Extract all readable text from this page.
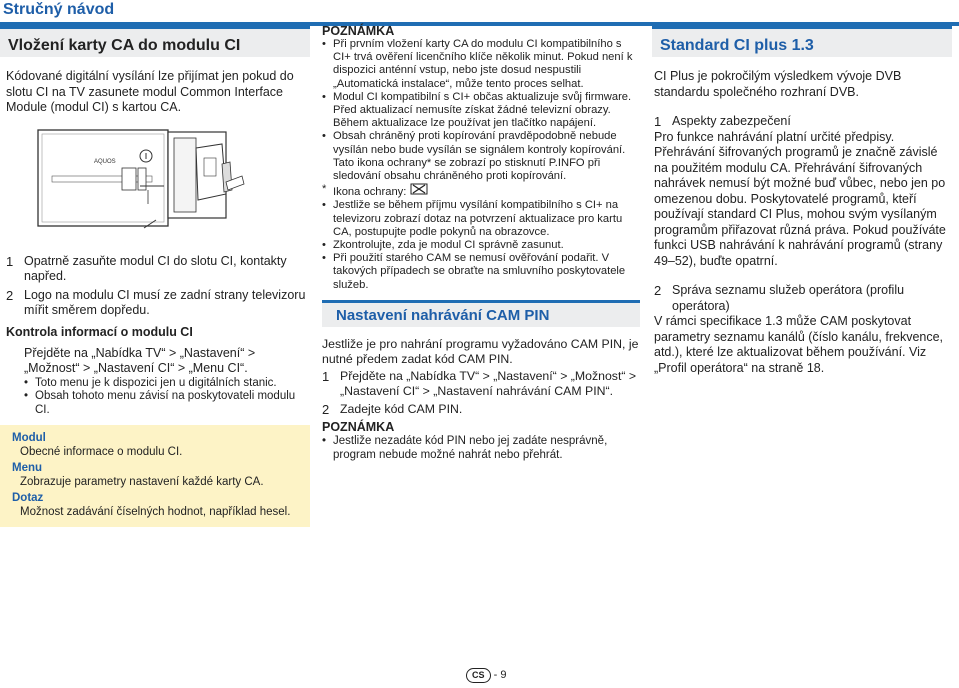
Stručný návod
Vložení karty CA do modulu CI

Kódované digitální vysílání lze přijímat jen pokud do slotu CI na TV zasunete modul Common Interface Module (modul CI) s kartou CA.

AQUOS
1 Opatrně zasuňte modul CI do slotu CI, kontakty napřed.
2 Logo na modulu CI musí ze zadní strany televizoru mířit směrem dopředu.
Kontrola informací o modulu CI
Přejděte na „Nabídka TV“ > „Nastavení“ > „Možnost“ > „Nastavení CI“ > „Menu CI“.
• Toto menu je k dispozici jen u digitálních stanic.
• Obsah tohoto menu závisí na poskytovateli modulu CI.
Modul
Obecné informace o modulu CI.
Menu
Zobrazuje parametry nastavení každé karty CA.
Dotaz
Možnost zadávání číselných hodnot, například hesel.
POZNÁMKA
• Při prvním vložení karty CA do modulu CI kompatibilního s CI+ trvá ověření licenčního klíče několik minut. Pokud není k dispozici anténní vstup, nebo jste dosud nespustili „Automatická instalace“, může tento proces selhat.
• Modul CI kompatibilní s CI+ občas aktualizuje svůj firmware. Před aktualizací nemusíte získat žádné televizní obrazy. Během aktualizace lze používat jen tlačítko napájení.
• Obsah chráněný proti kopírování pravděpodobně nebude vysílán nebo bude vysílán se signálem kontroly kopírování. Tato ikona ochrany* se zobrazí po stisknutí P.INFO při sledování obsahu chráněného proti kopírování.
* Ikona ochrany:
• Jestliže se během příjmu vysílání kompatibilního s CI+ na televizoru zobrazí dotaz na potvrzení aktualizace pro kartu CA, postupujte podle pokynů na obrazovce.
• Zkontrolujte, zda je modul CI správně zasunut.
• Při použití starého CAM se nemusí ověřování podařit. V takových případech se obraťte na smluvního poskytovatele služeb.
Nastavení nahrávání CAM PIN
Jestliže je pro nahrání programu vyžadováno CAM PIN, je nutné předem zadat kód CAM PIN.
1 Přejděte na „Nabídka TV“ > „Nastavení“ > „Možnost“ > „Nastavení CI“ > „Nastavení nahrávání CAM PIN“.
2 Zadejte kód CAM PIN.
POZNÁMKA
• Jestliže nezadáte kód PIN nebo jej zadáte nesprávně, program nebude možné nahrát nebo přehrát.
Standard CI plus 1.3
CI Plus je pokročilým výsledkem vývoje DVB standardu společného rozhraní DVB.
1 Aspekty zabezpečení
Pro funkce nahrávání platní určité předpisy. Přehrávání šifrovaných programů je značně závislé na použitém modulu CA. Přehrávání šifrovaných nahrávek nemusí být možné buď vůbec, nebo jen po omezenou dobu. Poskytovatelé programů, kteří používají standard CI Plus, mohou svým vysílaným programům přiřazovat různá práva. Pokud používáte funkci USB nahrávání k nahrávání programů (strany 49–52), buďte opatrní.
2 Správa seznamu služeb operátora (profilu operátora)
V rámci specifikace 1.3 může CAM poskytovat parametry seznamu kanálů (číslo kanálu, frekvence, atd.), které lze aktualizovat během používání. Viz „Profil operátora“ na straně 18.
CS - 9
